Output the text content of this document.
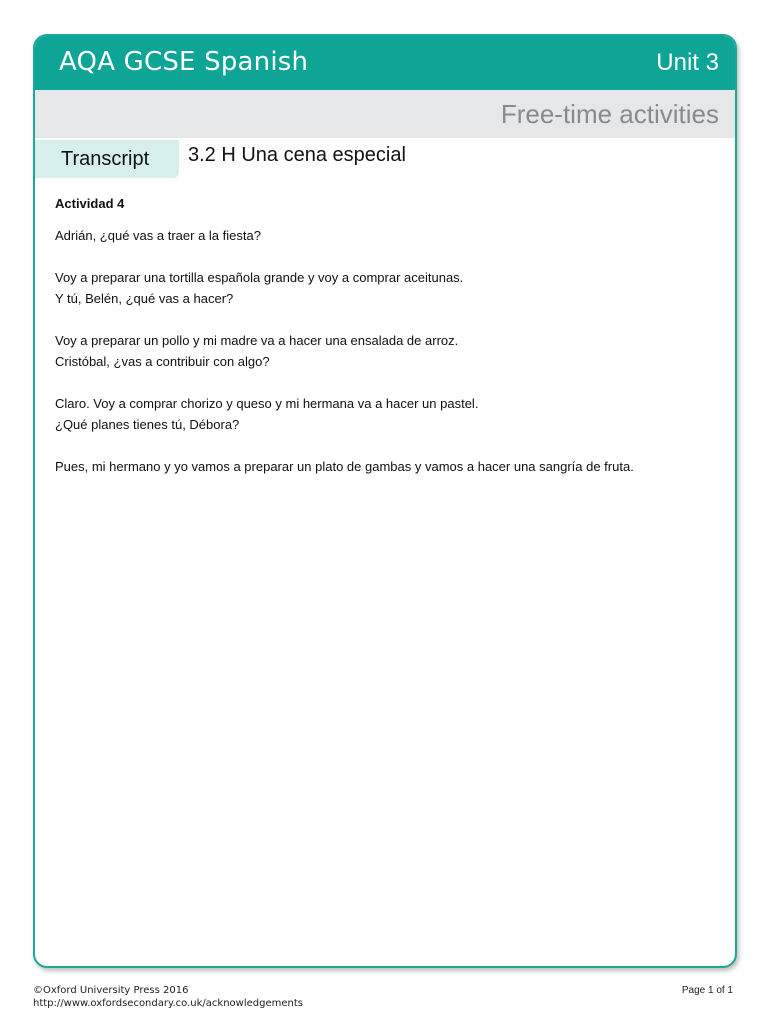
AQA GCSE Spanish	Unit 3
Free-time activities
Transcript 3.2 H Una cena especial
Actividad 4
Adrián, ¿qué vas a traer a la fiesta?
Voy a preparar una tortilla española grande y voy a comprar aceitunas.
Y tú, Belén, ¿qué vas a hacer?
Voy a preparar un pollo y mi madre va a hacer una ensalada de arroz.
Cristóbal, ¿vas a contribuir con algo?
Claro. Voy a comprar chorizo y queso y mi hermana va a hacer un pastel.
¿Qué planes tienes tú, Débora?
Pues, mi hermano y yo vamos a preparar un plato de gambas y vamos a hacer una sangría de fruta.
©Oxford University Press 2016
http://www.oxfordsecondary.co.uk/acknowledgements
Page 1 of 1
